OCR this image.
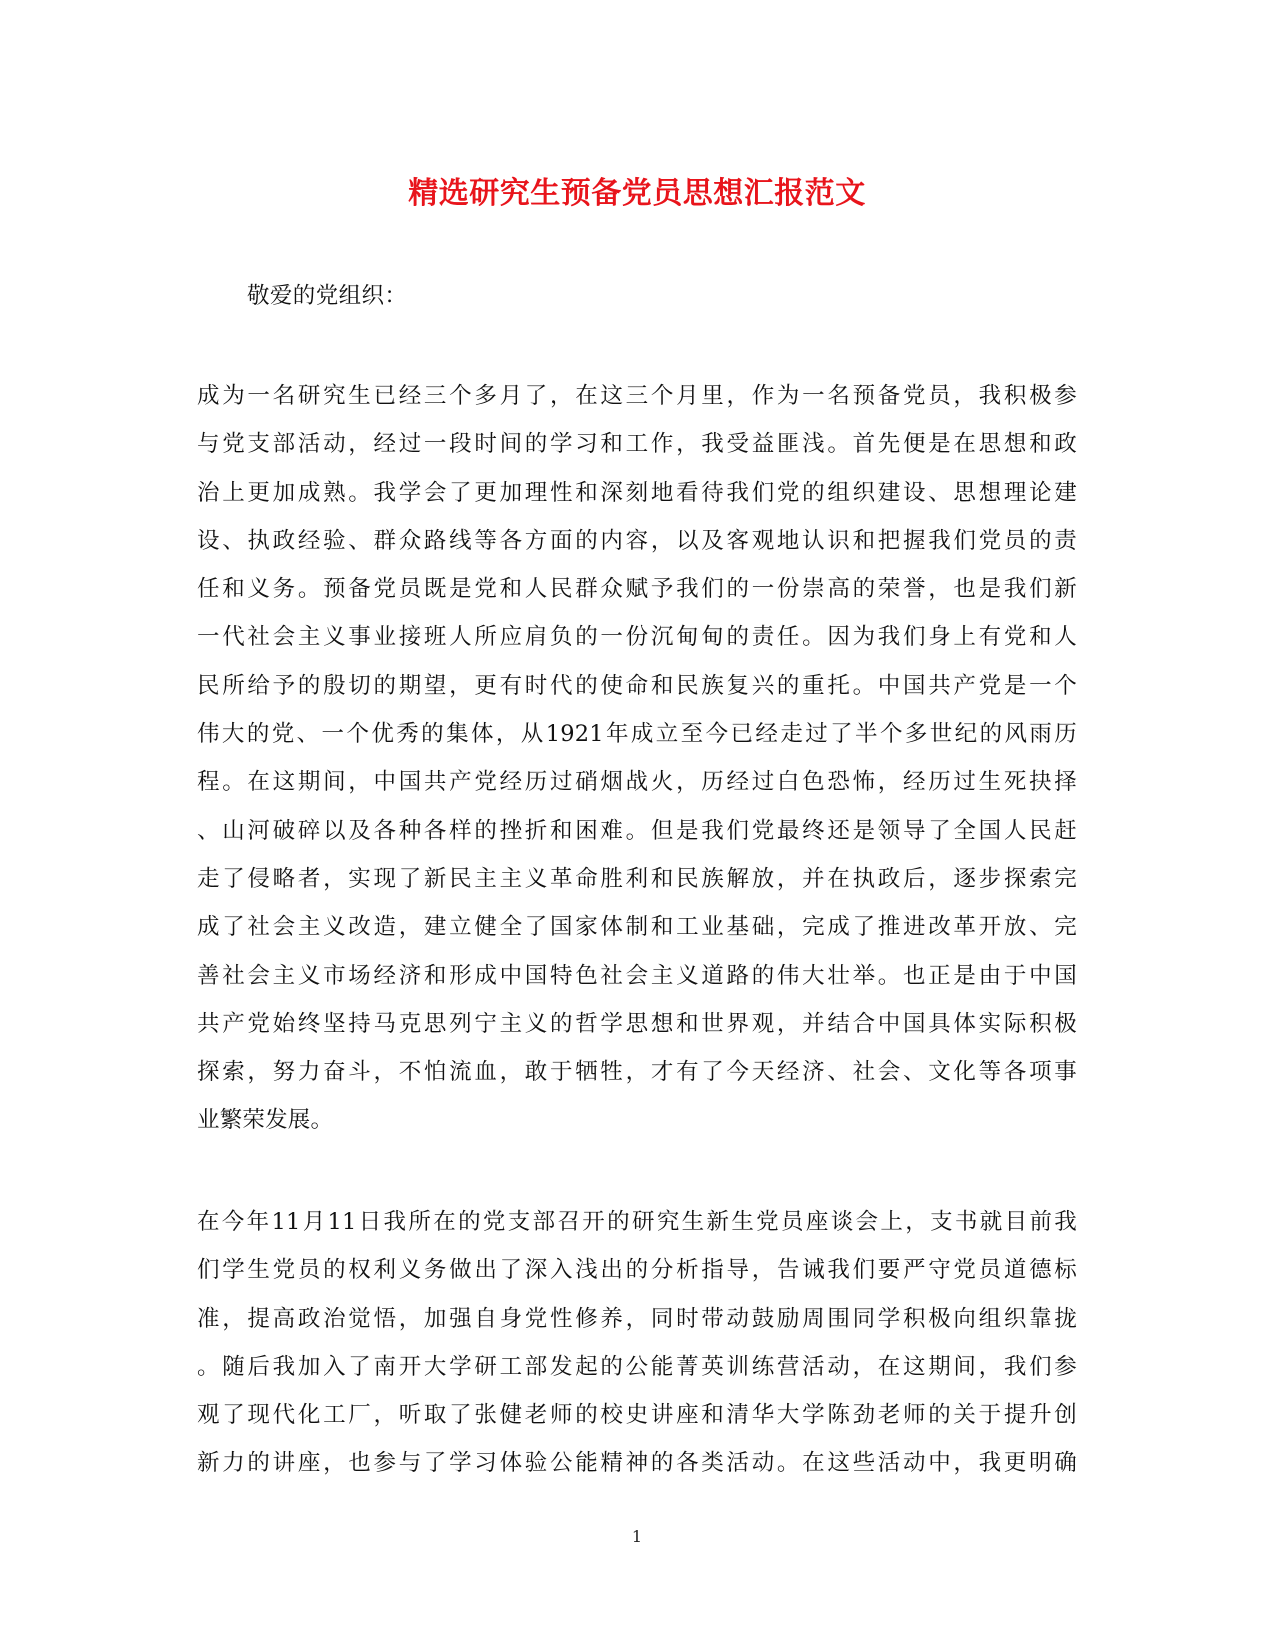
精选研究生预备党员思想汇报范文
敬爱的党组织：
成为一名研究生已经三个多月了，在这三个月里，作为一名预备党员，我积极参
与党支部活动，经过一段时间的学习和工作，我受益匪浅。首先便是在思想和政
治上更加成熟。我学会了更加理性和深刻地看待我们党的组织建设、思想理论建
设、执政经验、群众路线等各方面的内容，以及客观地认识和把握我们党员的责
任和义务。预备党员既是党和人民群众赋予我们的一份崇高的荣誉，也是我们新
一代社会主义事业接班人所应肩负的一份沉甸甸的责任。因为我们身上有党和人
民所给予的殷切的期望，更有时代的使命和民族复兴的重托。中国共产党是一个
伟大的党、一个优秀的集体，从1921年成立至今已经走过了半个多世纪的风雨历
程。在这期间，中国共产党经历过硝烟战火，历经过白色恐怖，经历过生死抉择
、山河破碎以及各种各样的挫折和困难。但是我们党最终还是领导了全国人民赶
走了侵略者，实现了新民主主义革命胜利和民族解放，并在执政后，逐步探索完
成了社会主义改造，建立健全了国家体制和工业基础，完成了推进改革开放、完
善社会主义市场经济和形成中国特色社会主义道路的伟大壮举。也正是由于中国
共产党始终坚持马克思列宁主义的哲学思想和世界观，并结合中国具体实际积极
探索，努力奋斗，不怕流血，敢于牺牲，才有了今天经济、社会、文化等各项事
业繁荣发展。
在今年11月11日我所在的党支部召开的研究生新生党员座谈会上，支书就目前我
们学生党员的权利义务做出了深入浅出的分析指导，告诫我们要严守党员道德标
准，提高政治觉悟，加强自身党性修养，同时带动鼓励周围同学积极向组织靠拢
。随后我加入了南开大学研工部发起的公能菁英训练营活动，在这期间，我们参
观了现代化工厂，听取了张健老师的校史讲座和清华大学陈劲老师的关于提升创
新力的讲座，也参与了学习体验公能精神的各类活动。在这些活动中，我更明确
1
